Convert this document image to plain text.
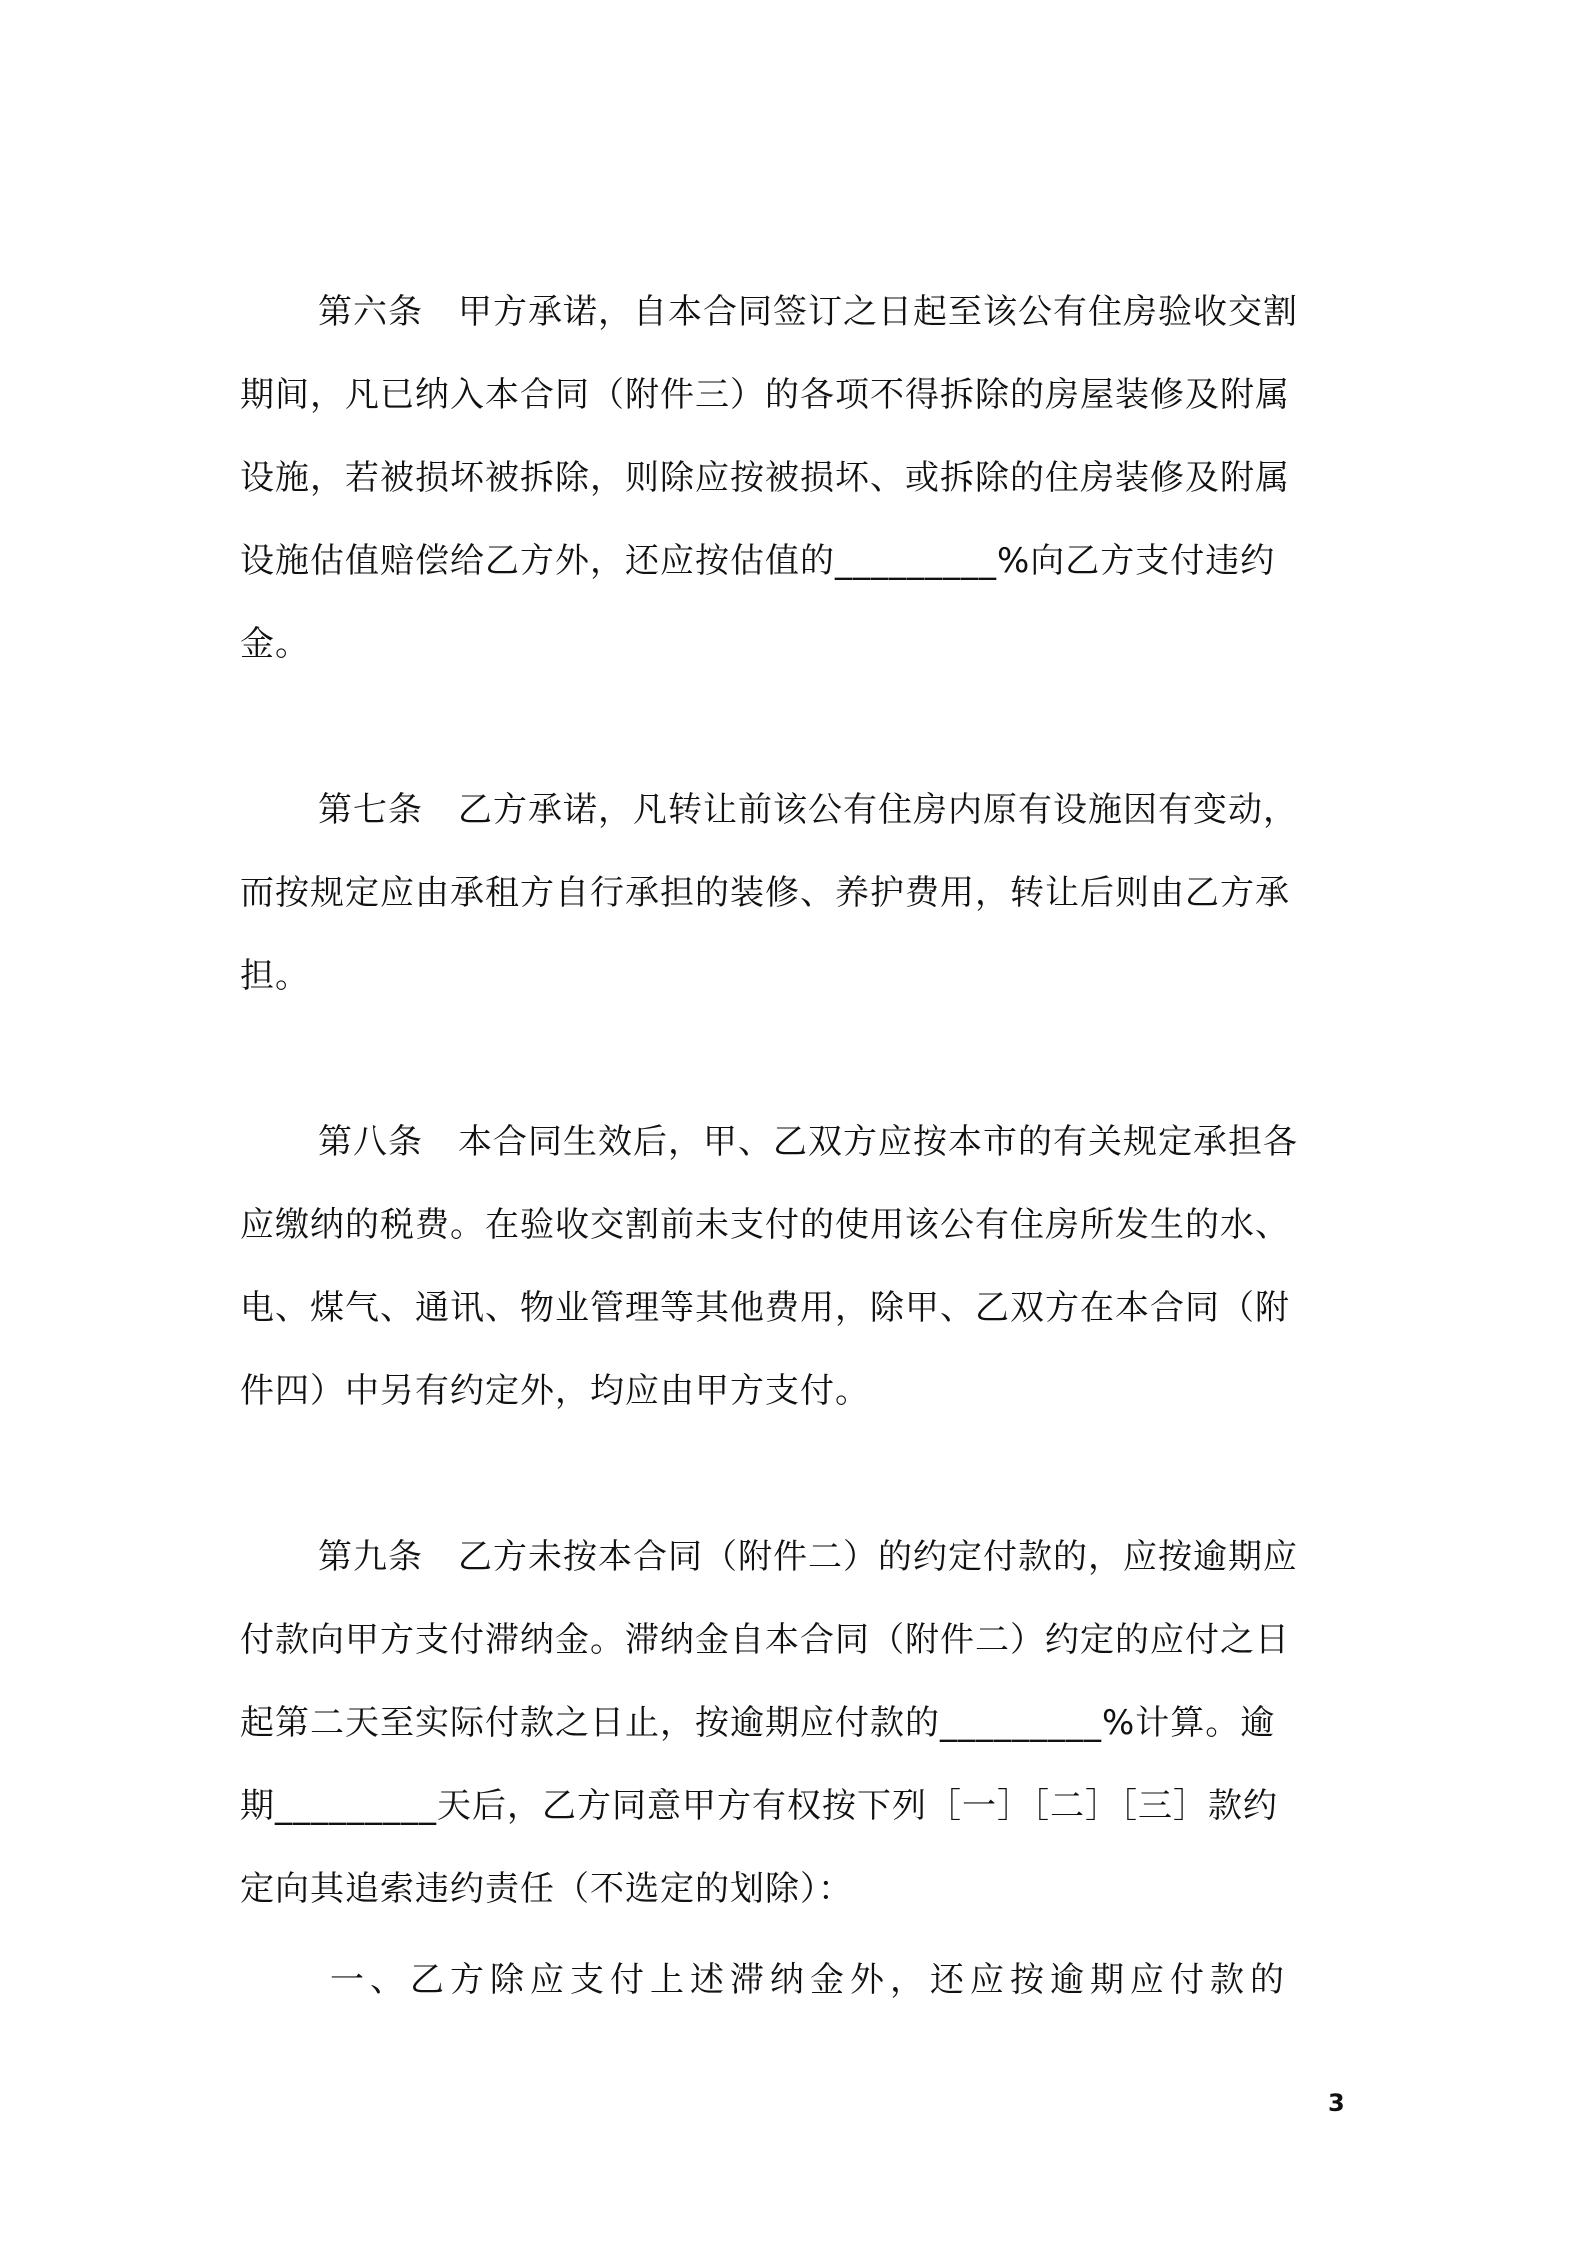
第六条　甲方承诺，自本合同签订之日起至该公有住房验收交割
期间，凡已纳入本合同（附件三）的各项不得拆除的房屋装修及附属
设施，若被损坏被拆除，则除应按被损坏、或拆除的住房装修及附属
设施估值赔偿给乙方外，还应按估值的_________%向乙方支付违约
金。
第七条　乙方承诺，凡转让前该公有住房内原有设施因有变动，
而按规定应由承租方自行承担的装修、养护费用，转让后则由乙方承
担。
第八条　本合同生效后，甲、乙双方应按本市的有关规定承担各
应缴纳的税费。在验收交割前未支付的使用该公有住房所发生的水、
电、煤气、通讯、物业管理等其他费用，除甲、乙双方在本合同（附
件四）中另有约定外，均应由甲方支付。
第九条　乙方未按本合同（附件二）的约定付款的，应按逾期应
付款向甲方支付滞纳金。滞纳金自本合同（附件二）约定的应付之日
起第二天至实际付款之日止，按逾期应付款的_________%计算。逾
期_________天后，乙方同意甲方有权按下列［一］［二］［三］款约
定向其追索违约责任（不选定的划除）：
一、乙方除应支付上述滞纳金外，还应按逾期应付款的
3
